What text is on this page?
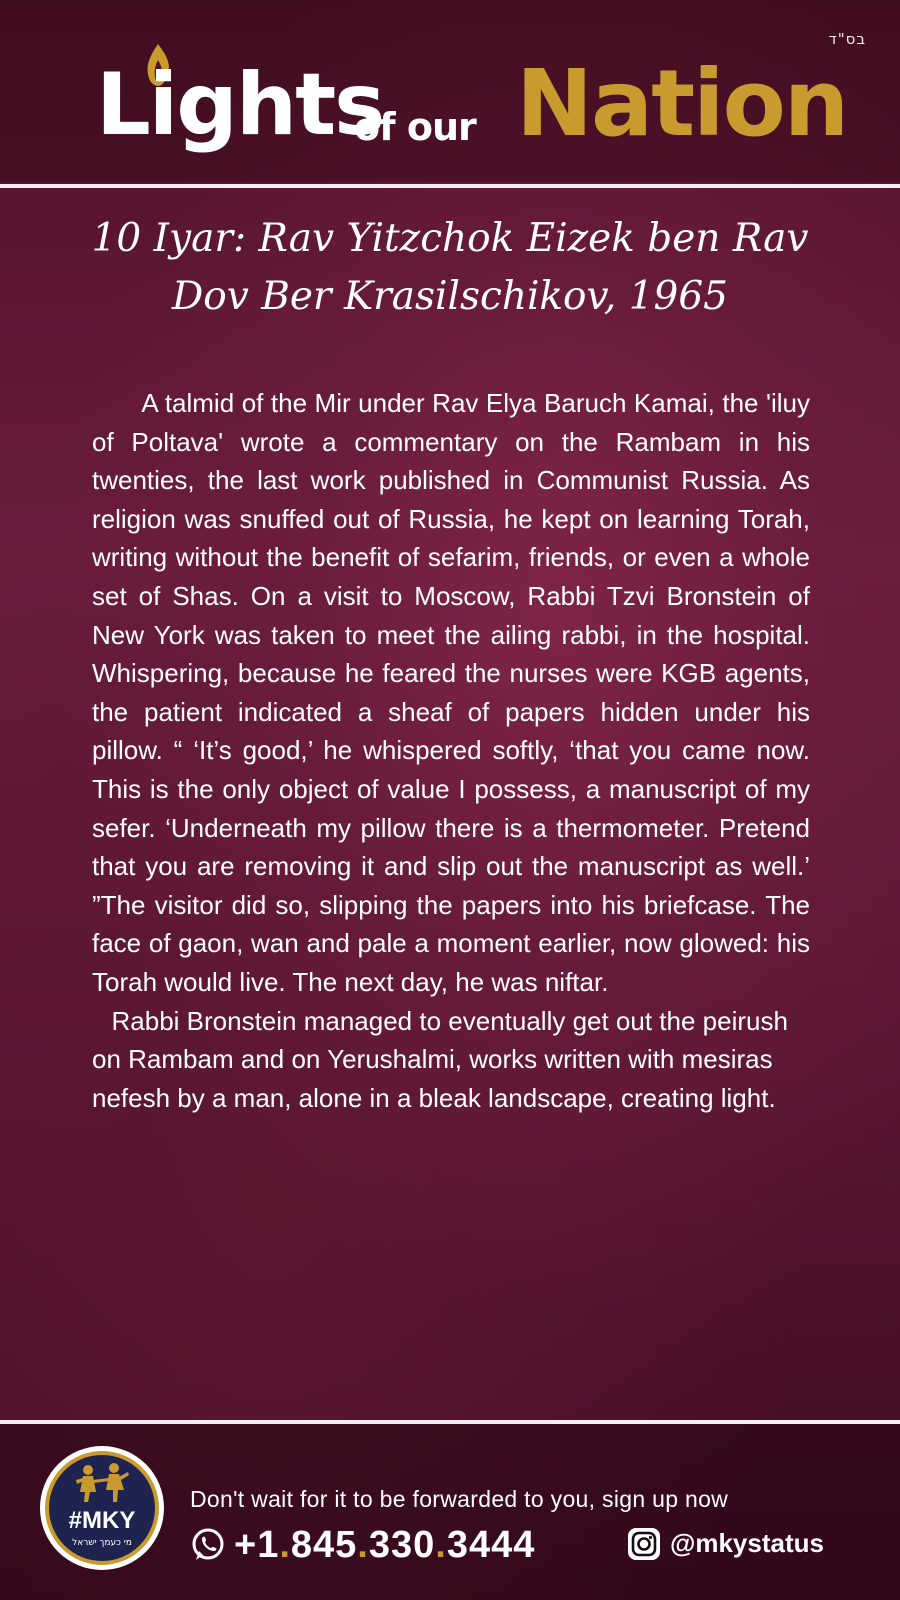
בס"ד
Lights
of our Nation
10 Iyar: Rav Yitzchok Eizek ben Rav
Dov Ber Krasilschikov, 1965

A talmid of the Mir under Rav Elya Baruch Kamai, the 'iluy of Poltava' wrote a commentary on the Rambam in his twenties, the last work published in Communist Russia. As religion was snuffed out of Russia, he kept on learning Torah, writing without the benefit of sefarim, friends, or even a whole set of Shas. On a visit to Moscow, Rabbi Tzvi Bronstein of New York was taken to meet the ailing rabbi, in the hospital. Whispering, because he feared the nurses were KGB agents, the patient indicated a sheaf of papers hidden under his pillow. “ ‘It’s good,’ he whispered softly, ‘that you came now. This is the only object of value I possess, a manuscript of my sefer. ‘Underneath my pillow there is a thermometer. Pretend that you are removing it and slip out the manuscript as well.’ ”The visitor did so, slipping the papers into his briefcase. The face of gaon, wan and pale a moment earlier, now glowed: his Torah would live. The next day, he was niftar.

Rabbi Bronstein managed to eventually get out the peirush on Rambam and on Yerushalmi, works written with mesiras nefesh by a man, alone in a bleak landscape, creating light.

#MKY
מי כעמך ישראל
Don't wait for it to be forwarded to you, sign up now
+1.845.330.3444	@mkystatus
